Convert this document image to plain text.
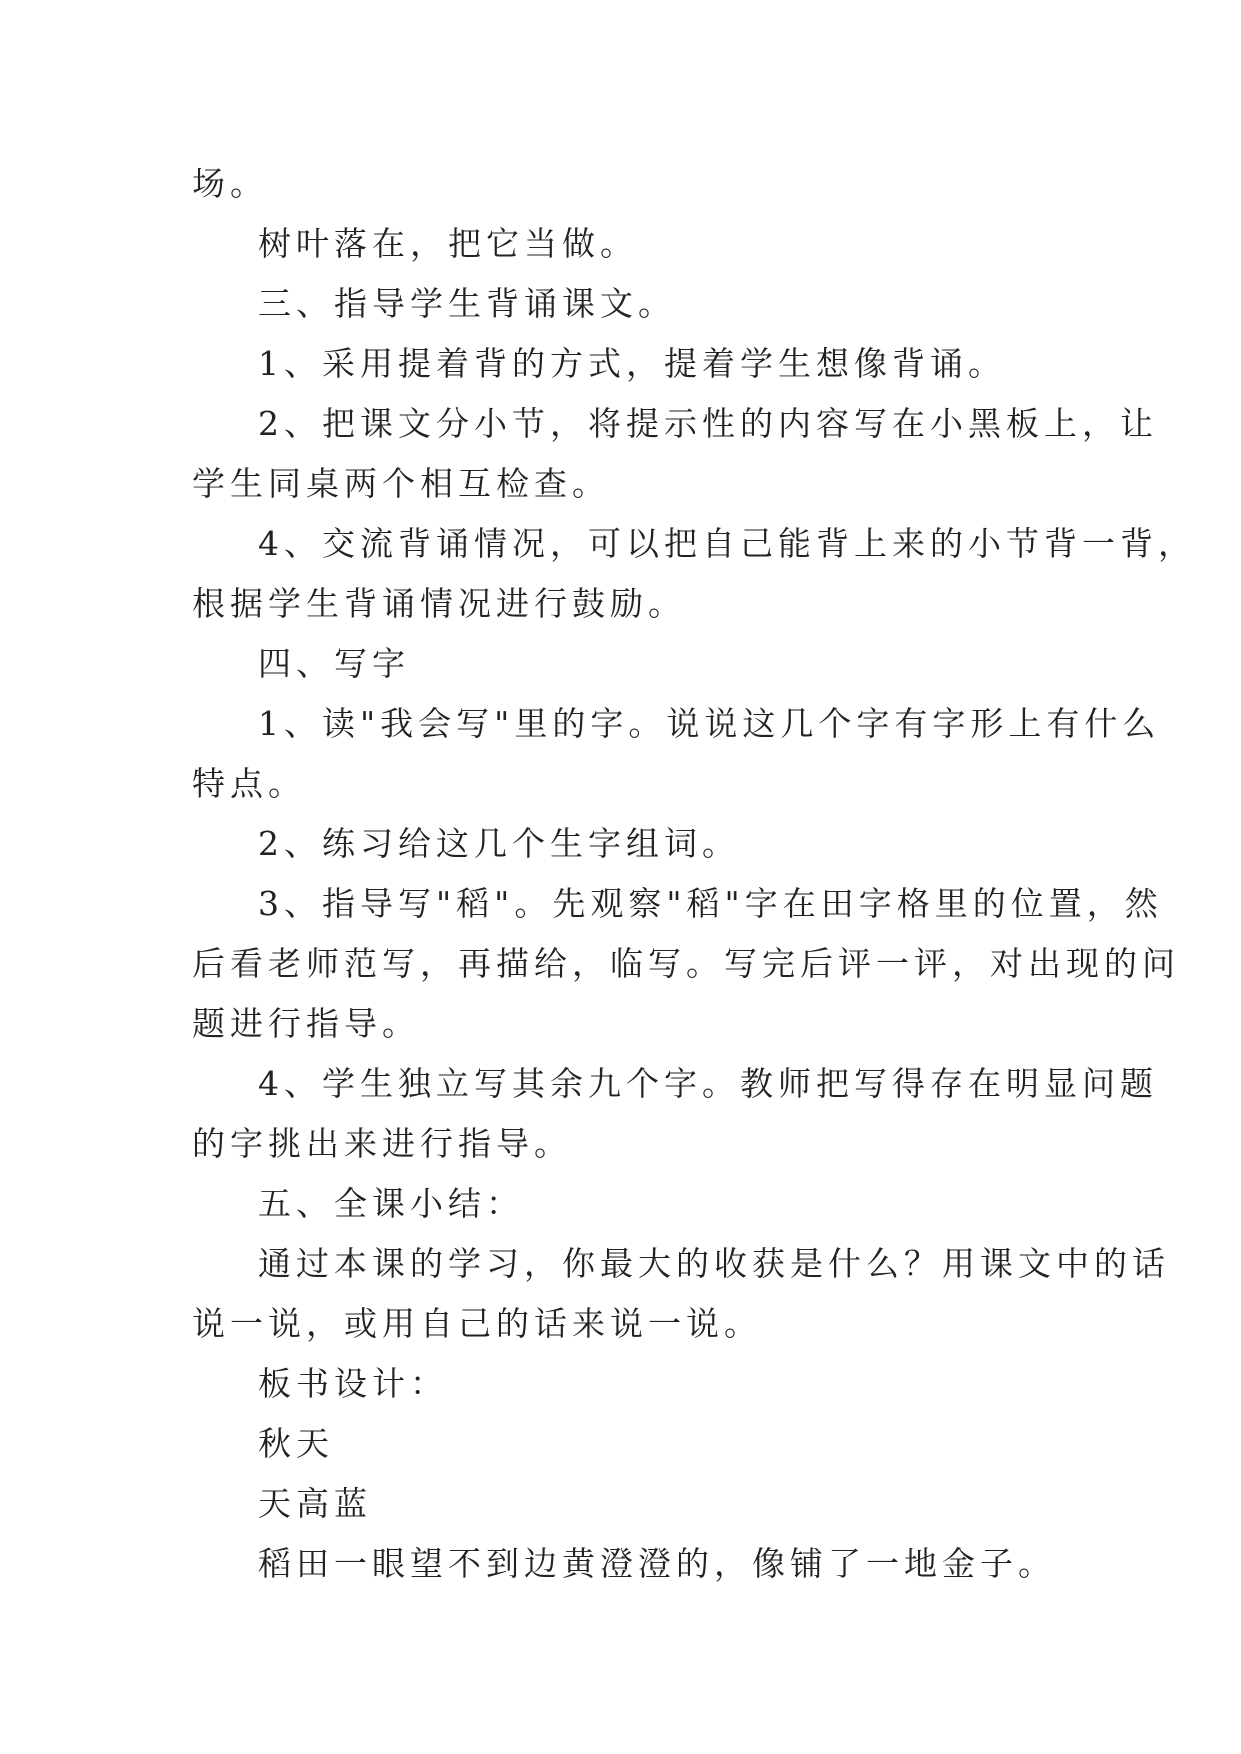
场。
树叶落在，把它当做。
三、指导学生背诵课文。
1、采用提着背的方式，提着学生想像背诵。
2、把课文分小节，将提示性的内容写在小黑板上，让
学生同桌两个相互检查。
4、交流背诵情况，可以把自己能背上来的小节背一背，
根据学生背诵情况进行鼓励。
四、写字
1、读"我会写"里的字。说说这几个字有字形上有什么
特点。
2、练习给这几个生字组词。
3、指导写"稻"。先观察"稻"字在田字格里的位置，然
后看老师范写，再描给，临写。写完后评一评，对出现的问
题进行指导。
4、学生独立写其余九个字。教师把写得存在明显问题
的字挑出来进行指导。
五、全课小结：
通过本课的学习，你最大的收获是什么？用课文中的话
说一说，或用自己的话来说一说。
板书设计：
秋天
天高蓝
稻田一眼望不到边黄澄澄的，像铺了一地金子。
